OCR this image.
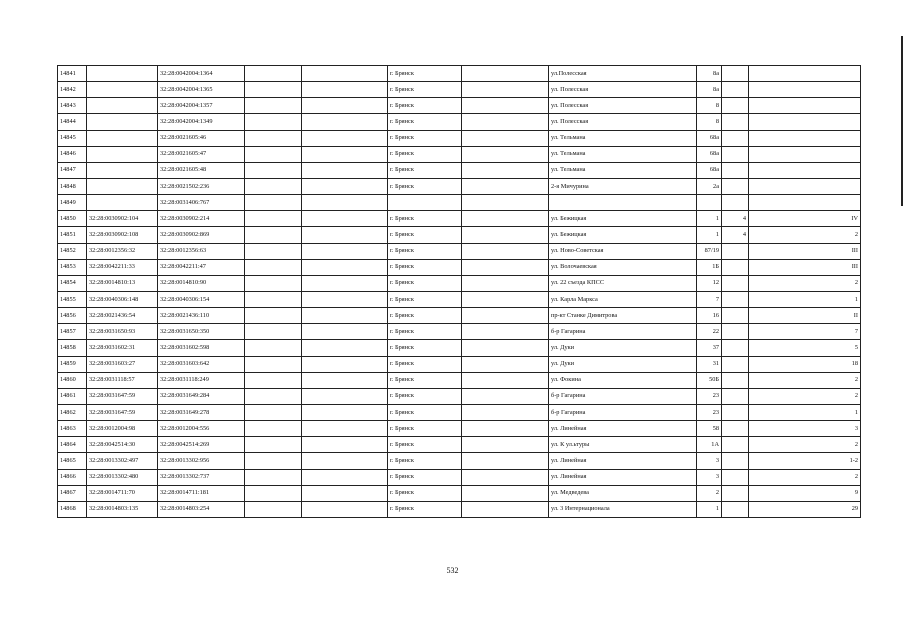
14841		32:28:0042004:1364			г. Брянск		ул.Полесская	8а		
14842		32:28:0042004:1365			г. Брянск		ул. Полесская	8а		
14843		32:28:0042004:1357			г. Брянск		ул. Полесская	8		
14844		32:28:0042004:1349			г. Брянск		ул. Полесская	8		
14845		32:28:0021605:46			г. Брянск		ул. Тельмана	68а		
14846		32:28:0021605:47			г. Брянск		ул. Тельмана	68а		
14847		32:28:0021605:48			г. Брянск		ул. Тельмана	68а		
14848		32:28:0021502:236			г. Брянск		2-я Мичурина	2а		
14849		32:28:0031406:767								
14850	32:28:0030902:104	32:28:0030902:214			г. Брянск		ул. Бежицкая	1	4	IV
14851	32:28:0030902:108	32:28:0030902:869			г. Брянск		ул. Бежицкая	1	4	2
14852	32:28:0012356:32	32:28:0012356:63			г. Брянск		ул. Ново-Советская	87/19		III
14853	32:28:0042211:33	32:28:0042211:47			г. Брянск		ул. Волочаевская	1Б		III
14854	32:28:0014810:13	32:28:0014810:90			г. Брянск		ул. 22 съезда КПСС	12		2
14855	32:28:0040306:148	32:28:0040306:154			г. Брянск		ул. Карла Маркса	7		1
14856	32:28:0021436:54	32:28:0021436:110			г. Брянск		пр-кт Станке Димитрова	16		II
14857	32:28:0031650:93	32:28:0031650:350			г. Брянск		б-р Гагарина	22		7
14858	32:28:0031602:31	32:28:0031602:598			г. Брянск		ул. Дуки	37		5
14859	32:28:0031603:27	32:28:0031603:642			г. Брянск		ул. Дуки	31		18
14860	32:28:0031118:57	32:28:0031118:249			г. Брянск		ул. Фокина	50Б		2
14861	32:28:0031647:59	32:28:0031649:284			г. Брянск		б-р Гагарина	23		2
14862	32:28:0031647:59	32:28:0031649:278			г. Брянск		б-р Гагарина	23		1
14863	32:28:0012004:98	32:28:0012004:556			г. Брянск		ул. Линейная	58		3
14864	32:28:0042514:30	32:28:0042514:269			г. Брянск		ул. К ул.ьтуры	1А		2
14865	32:28:0013302:497	32:28:0013302:956			г. Брянск		ул. Линейная	3		1-2
14866	32:28:0013302:480	32:28:0013302:737			г. Брянск		ул. Линейная	3		2
14867	32:28:0014711:70	32:28:0014711:181			г. Брянск		ул. Медведева	2		9
14868	32:28:0014803:135	32:28:0014803:254			г. Брянск		ул. 3 Интернационала	1		29
532
